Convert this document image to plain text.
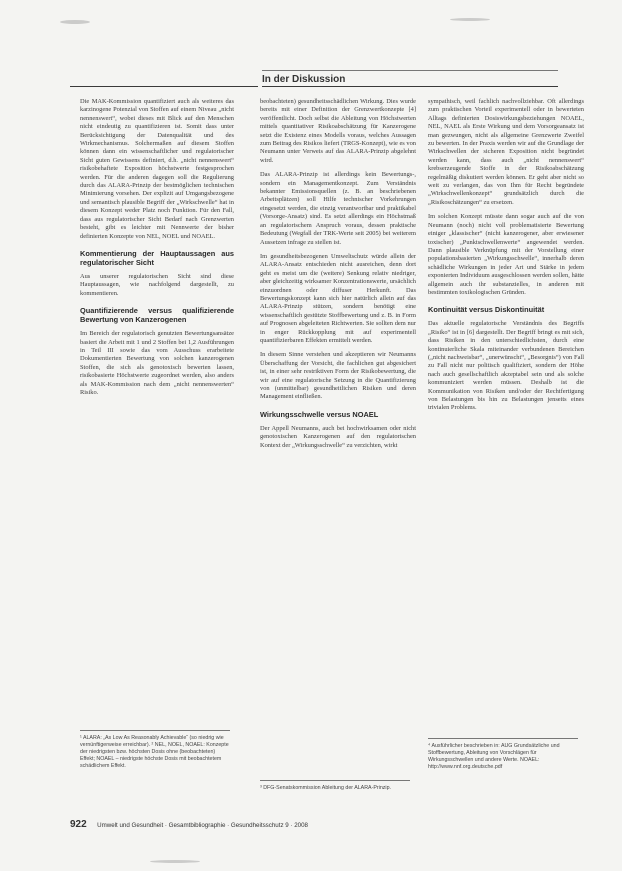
In der Diskussion

Die MAK-Kommission quantifiziert auch als weiteres das karzinogene Potenzial von Stoffen auf einem Niveau „nicht nennenswert“, wobei dieses mit Blick auf den Menschen nicht eindeutig zu quantifizieren ist. Somit dass unter Berücksichtigung der Datenqualität und des Wirkmechanismus. Solchermaßen auf diesem Stoffen können dann ein wissenschaftlicher und regulatorischer Sicht guten Gewissens definiert, d.h. „nicht nennenswert“ risikobehaftete Exposition höchstwerte festgesprochen werden. Für die anderen dagegen soll die Regulierung durch das ALARA-Prinzip der bestmöglichen technischen Minimierung vorsehen. Der explizit auf Umgangsbezogene und semantisch plausible Begriff der „Wirkschwelle“ hat in diesem Konzept weder Platz noch Funktion. Für den Fall, dass aus regulatorischer Sicht Bedarf nach Grenzwerten besteht, gibt es leichter mit Nennwerte der bisher definierten Konzepte von NEL, NOEL und NOAEL.

Kommentierung der Hauptaussagen aus regulatorischer Sicht

Aus unserer regulatorischen Sicht sind diese Hauptaussagen, wie nachfolgend dargestellt, zu kommentieren.

Quantifizierende versus qualifizierende Bewertung von Kanzerogenen

Im Bereich der regulatorisch genutzten Bewertungsansätze basiert die Arbeit mit 1 und 2 Stoffen bei 1,2 Ausführungen in Teil III sowie das vom Ausschuss erarbeitete Dokumentierten Bewertung von solchen kanzerogenen Stoffen, die sich als genotoxisch bewerten lassen, risikobasierte Höchstwerte zugeordnet werden, also anders als MAK-Kommission nach dem „nicht nennenswerten“ Risiko.

¹ ALARA: „As Low As Reasonably Achievable“ (so niedrig wie vernünftigerweise erreichbar). ² NEL, NOEL, NOAEL: Konzepte der niedrigsten bzw. höchsten Dosis ohne (beobachteten) Effekt; NOAEL – niedrigste höchste Dosis mit beobachtetem schädlichem Effekt.

beobachteten) gesundheitsschädlichen Wirkung. Dies wurde bereits mit einer Definition der Grenzwertkonzepte [4] veröffentlicht. Doch selbst die Ableitung von Höchstwerten mittels quantitativer Risikoabschätzung für Kanzerogene setzt die Existenz eines Modells voraus, welches Aussagen zum Beitrag des Risikos liefert (TRGS-Konzept), wie es von Neumann unter Verweis auf das ALARA-Prinzip abgelehnt wird.

Das ALARA-Prinzip ist allerdings kein Bewertungs-, sondern ein Managementkonzept. Zum Verständnis bekannter Emissionsquellen (z. B. an beschriebenen Arbeitsplätzen) soll Hilfe technischer Vorkehrungen eingesetzt werden, die einzig verantwortbar und praktikabel (Vorsorge-Ansatz) sind. Es setzt allerdings ein Höchstmaß an regulatorischem Anspruch voraus, dessen praktische Bedeutung (Wegfall der TRK-Werte seit 2005) bei weiterem Aussetzen infrage zu stellen ist.

Im gesundheitsbezogenen Umweltschutz würde allein der ALARA-Ansatz entschieden nicht ausreichen, denn dort geht es meist um die (weitere) Senkung relativ niedriger, aber gleichzeitig wirksamer Konzentrationswerte, ursächlich einzuordnen oder diffuser Herkunft. Das Bewertungskonzept kann sich hier natürlich allein auf das ALARA-Prinzip stützen, sondern benötigt eine wissenschaftlich gestützte Stoffbewertung und z. B. in Form auf Prognosen abgeleiteten Richtwerten. Sie sollten dem nur in enger Rückkopplung mit auf experimentell quantifizierbaren Effekten ermittelt werden.

In diesem Sinne verstehen und akzeptieren wir Neumanns Überschaffung der Vorsicht, die fachlichen gut abgesichert ist, in einer sehr restriktiven Form der Risikobewertung, die wir auf eine regulatorische Setzung in die Quantifizierung von (unmittelbar) gesundheitlichen Risiken und deren Management einfließen.

Wirkungsschwelle versus NOAEL

Der Appell Neumanns, auch bei hochwirksamen oder nicht genotoxischen Kanzerogenen auf den regulatorischen Kontext der „Wirkungsschwelle“ zu verzichten, wirkt

³ DFG-Senatskommission Ableitung der ALARA-Prinzip.

sympathisch, weil fachlich nachvollziehbar. Oft allerdings zum praktischen Vorteil experimentell oder in bewerteten Alltags definierten Dosiswirkungsbeziehungen NOAEL, NEL, NAEL als Erste Wirkung und dem Vorsorgeansatz ist man gezwungen, nicht als allgemeine Grenzwerte Zweifel zu bewerten. In der Praxis werden wir auf die Grundlage der Wirkschwellen der sicheren Exposition nicht begründet werden kann, dass auch „nicht nennenswert“ krebserzeugende Stoffe in der Risikoabschätzung regelmäßig diskutiert werden können. Er geht aber nicht so weit zu verlangen, das von Ihm für Recht begründete „Wirkschwellenkonzept“ grundsätzlich durch die „Risikoschätzungen“ zu ersetzen.

Im solchen Konzept müsste dann sogar auch auf die von Neumann (noch) nicht voll problematisierte Bewertung einiger „klassischer“ (nicht kanzerogener, aber erwiesener toxischer) „Punktschwellenwerte“ angewendet werden. Dann plausible Verknüpfung mit der Vorstellung einer populationsbasierten „Wirkungsschwelle“, innerhalb deren schädliche Wirkungen in jeder Art und Stärke in jedem exponierten Individuum ausgeschlossen werden sollen, hätte allgemein auch ihr substanzielles, in anderen mit bestimmten toxikologischen Gründen.

Kontinuität versus Diskontinuität

Das aktuelle regulatorische Verständnis des Begriffs „Risiko“ ist in [6] dargestellt. Der Begriff bringt es mit sich, dass Risiken in den unterschiedlichsten, durch eine kontinuierliche Skala miteinander verbundenen Bereichen („nicht nachweisbar“, „unerwünscht“, „Besorgnis“) von Fall zu Fall nicht nur politisch qualifiziert, sondern der Höhe nach auch gesellschaftlich akzeptabel sein und als solche kommuniziert werden müssen. Deshalb ist die Kommunikation von Risiken und/oder der Rechtfertigung von Belastungen bis hin zu Belastungen jenseits eines trivialen Problems.

⁴ Ausführlicher beschrieben in: AUG Grundsätzliche und Stoffbewertung, Ableitung von Vorschlägen für Wirkungsschwellen und andere Werte. NOAEL: http://www.nnf.org.deutsche.pdf
922 Umwelt und Gesundheit · Gesamtbibliographie · Gesundheitsschutz 9 · 2008
